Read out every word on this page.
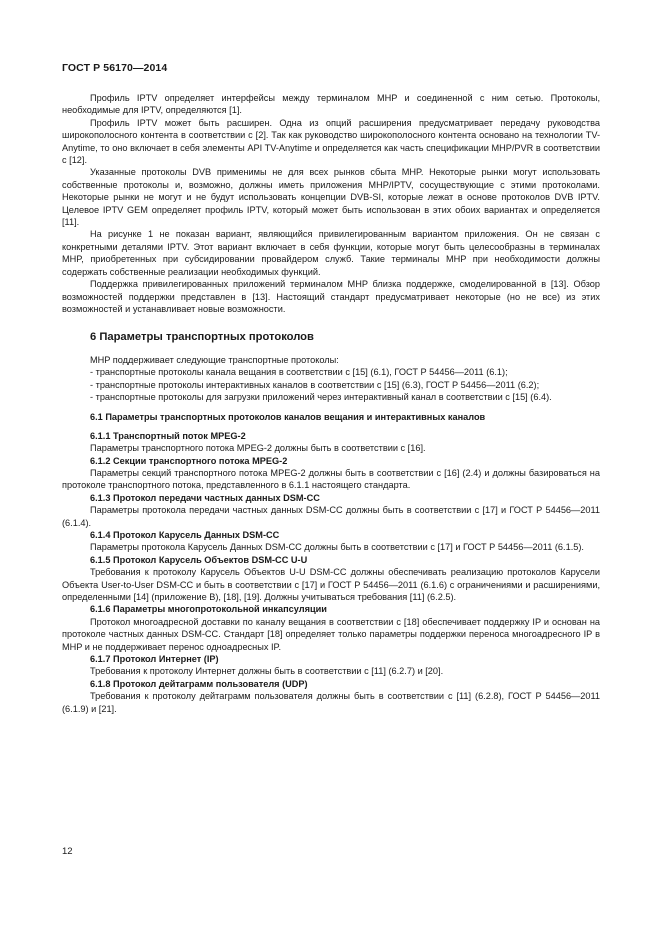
ГОСТ Р 56170—2014

Профиль IPTV определяет интерфейсы между терминалом MHP и соединенной с ним сетью. Протоколы, необходимые для IPTV, определяются [1].

Профиль IPTV может быть расширен. Одна из опций расширения предусматривает передачу руководства широкополосного контента в соответствии с [2]. Так как руководство широкополосного контента основано на технологии TV-Anytime, то оно включает в себя элементы API TV-Anytime и определяется как часть спецификации MHP/PVR в соответствии с [12].

Указанные протоколы DVB применимы не для всех рынков сбыта MHP. Некоторые рынки могут использовать собственные протоколы и, возможно, должны иметь приложения MHP/IPTV, сосуществующие с этими протоколами. Некоторые рынки не могут и не будут использовать концепции DVB-SI, которые лежат в основе протоколов DVB IPTV. Целевое IPTV GEM определяет профиль IPTV, который может быть использован в этих обоих вариантах и определяется [11].

На рисунке 1 не показан вариант, являющийся привилегированным вариантом приложения. Он не связан с конкретными деталями IPTV. Этот вариант включает в себя функции, которые могут быть целесообразны в терминалах MHP, приобретенных при субсидировании провайдером служб. Такие терминалы MHP при необходимости должны содержать собственные реализации необходимых функций.

Поддержка привилегированных приложений терминалом MHP близка поддержке, смоделированной в [13]. Обзор возможностей поддержки представлен в [13]. Настоящий стандарт предусматривает некоторые (но не все) из этих возможностей и устанавливает новые возможности.

6 Параметры транспортных протоколов

MHP поддерживает следующие транспортные протоколы:

- транспортные протоколы канала вещания в соответствии с [15] (6.1), ГОСТ Р 54456—2011 (6.1);

- транспортные протоколы интерактивных каналов в соответствии с [15] (6.3), ГОСТ Р 54456—2011 (6.2);

- транспортные протоколы для загрузки приложений через интерактивный канал в соответствии с [15] (6.4).

6.1 Параметры транспортных протоколов каналов вещания и интерактивных каналов

6.1.1 Транспортный поток MPEG-2

Параметры транспортного потока MPEG-2 должны быть в соответствии с [16].

6.1.2 Секции транспортного потока MPEG-2

Параметры секций транспортного потока MPEG-2 должны быть в соответствии с [16] (2.4) и должны базироваться на протоколе транспортного потока, представленного в 6.1.1 настоящего стандарта.

6.1.3 Протокол передачи частных данных DSM-CC

Параметры протокола передачи частных данных DSM-CC должны быть в соответствии с [17] и ГОСТ Р 54456—2011 (6.1.4).

6.1.4 Протокол Карусель Данных DSM-CC

Параметры протокола Карусель Данных DSM-CC должны быть в соответствии с [17] и ГОСТ Р 54456—2011 (6.1.5).

6.1.5 Протокол Карусель Объектов DSM-CC U-U

Требования к протоколу Карусель Объектов U-U DSM-CC должны обеспечивать реализацию протоколов Карусели Объекта User-to-User DSM-CC и быть в соответствии с [17] и ГОСТ Р 54456—2011 (6.1.6) с ограничениями и расширениями, определенными [14] (приложение В), [18], [19]. Должны учитываться требования [11] (6.2.5).

6.1.6 Параметры многопротокольной инкапсуляции

Протокол многоадресной доставки по каналу вещания в соответствии с [18] обеспечивает поддержку IP и основан на протоколе частных данных DSM-CC. Стандарт [18] определяет только параметры поддержки переноса многоадресного IP в MHP и не поддерживает перенос одноадресных IP.

6.1.7 Протокол Интернет (IP)

Требования к протоколу Интернет должны быть в соответствии с [11] (6.2.7) и [20].

6.1.8 Протокол дейтаграмм пользователя (UDP)

Требования к протоколу дейтаграмм пользователя должны быть в соответствии с [11] (6.2.8), ГОСТ Р 54456—2011 (6.1.9) и [21].

12
